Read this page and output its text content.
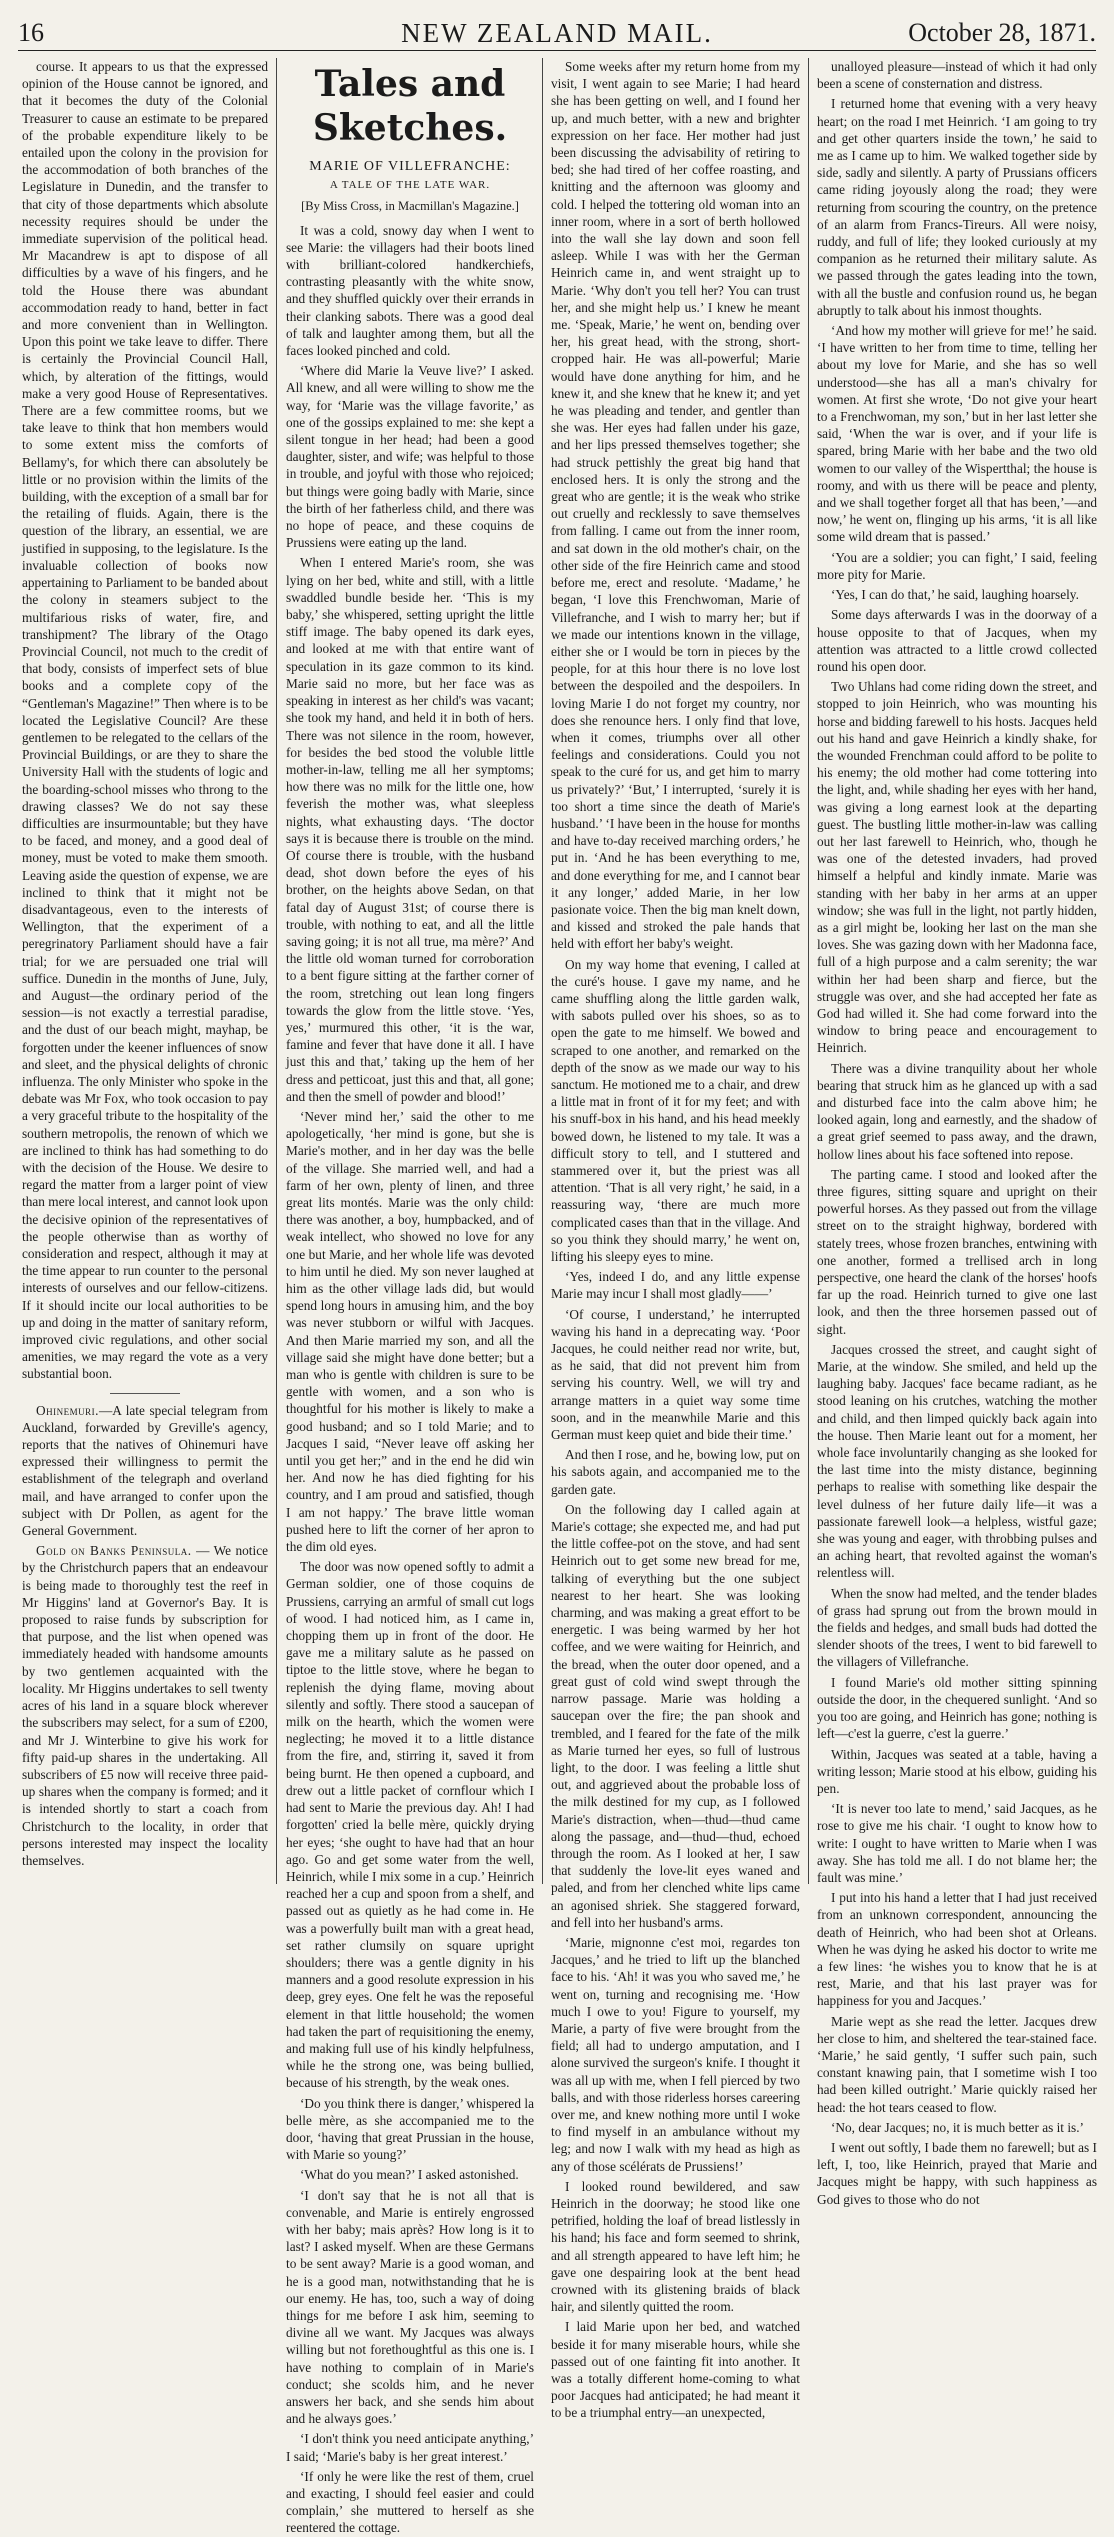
16	NEW ZEALAND MAIL.	October 28, 1871.

course. It appears to us that the expressed opinion of the House cannot be ignored, and that it becomes the duty of the Colonial Treasurer to cause an estimate to be prepared of the probable expenditure likely to be entailed upon the colony in the provision for the accommodation of both branches of the Legislature in Dunedin, and the transfer to that city of those departments which absolute necessity requires should be under the immediate supervision of the political head. Mr Macandrew is apt to dispose of all difficulties by a wave of his fingers, and he told the House there was abundant accommodation ready to hand, better in fact and more convenient than in Wellington. Upon this point we take leave to differ. There is certainly the Provincial Council Hall, which, by alteration of the fittings, would make a very good House of Representatives. There are a few committee rooms, but we take leave to think that hon members would to some extent miss the comforts of Bellamy's, for which there can absolutely be little or no provision within the limits of the building, with the exception of a small bar for the retailing of fluids. Again, there is the question of the library, an essential, we are justified in supposing, to the legislature. Is the invaluable collection of books now appertaining to Parliament to be banded about the colony in steamers subject to the multifarious risks of water, fire, and transhipment? The library of the Otago Provincial Council, not much to the credit of that body, consists of imperfect sets of blue books and a complete copy of the “Gentleman's Magazine!” Then where is to be located the Legislative Council? Are these gentlemen to be relegated to the cellars of the Provincial Buildings, or are they to share the University Hall with the students of logic and the boarding-school misses who throng to the drawing classes? We do not say these difficulties are insurmountable; but they have to be faced, and money, and a good deal of money, must be voted to make them smooth. Leaving aside the question of expense, we are inclined to think that it might not be disadvantageous, even to the interests of Wellington, that the experiment of a peregrinatory Parliament should have a fair trial; for we are persuaded one trial will suffice. Dunedin in the months of June, July, and August—the ordinary period of the session—is not exactly a terrestial paradise, and the dust of our beach might, mayhap, be forgotten under the keener influences of snow and sleet, and the physical delights of chronic influenza. The only Minister who spoke in the debate was Mr Fox, who took occasion to pay a very graceful tribute to the hospitality of the southern metropolis, the renown of which we are inclined to think has had something to do with the decision of the House. We desire to regard the matter from a larger point of view than mere local interest, and cannot look upon the decisive opinion of the representatives of the people otherwise than as worthy of consideration and respect, although it may at the time appear to run counter to the personal interests of ourselves and our fellow-citizens. If it should incite our local authorities to be up and doing in the matter of sanitary reform, improved civic regulations, and other social amenities, we may regard the vote as a very substantial boon.

Ohinemuri.—A late special telegram from Auckland, forwarded by Greville's agency, reports that the natives of Ohinemuri have expressed their willingness to permit the establishment of the telegraph and overland mail, and have arranged to confer upon the subject with Dr Pollen, as agent for the General Government.

Gold on Banks Peninsula. — We notice by the Christchurch papers that an endeavour is being made to thoroughly test the reef in Mr Higgins' land at Governor's Bay. It is proposed to raise funds by subscription for that purpose, and the list when opened was immediately headed with handsome amounts by two gentlemen acquainted with the locality. Mr Higgins undertakes to sell twenty acres of his land in a square block wherever the subscribers may select, for a sum of £200, and Mr J. Winterbine to give his work for fifty paid-up shares in the undertaking. All subscribers of £5 now will receive three paid-up shares when the company is formed; and it is intended shortly to start a coach from Christchurch to the locality, in order that persons interested may inspect the locality themselves.

Tales and Sketches.
MARIE OF VILLEFRANCHE:
A TALE OF THE LATE WAR.
[By Miss Cross, in Macmillan's Magazine.]

It was a cold, snowy day when I went to see Marie: the villagers had their boots lined with brilliant-colored handkerchiefs, contrasting pleasantly with the white snow, and they shuffled quickly over their errands in their clanking sabots. There was a good deal of talk and laughter among them, but all the faces looked pinched and cold.

‘Where did Marie la Veuve live?’ I asked. All knew, and all were willing to show me the way, for ‘Marie was the village favorite,’ as one of the gossips explained to me: she kept a silent tongue in her head; had been a good daughter, sister, and wife; was helpful to those in trouble, and joyful with those who rejoiced; but things were going badly with Marie, since the birth of her fatherless child, and there was no hope of peace, and these coquins de Prussiens were eating up the land.

When I entered Marie's room, she was lying on her bed, white and still, with a little swaddled bundle beside her. ‘This is my baby,’ she whispered, setting upright the little stiff image. The baby opened its dark eyes, and looked at me with that entire want of speculation in its gaze common to its kind. Marie said no more, but her face was as speaking in interest as her child's was vacant; she took my hand, and held it in both of hers. There was not silence in the room, however, for besides the bed stood the voluble little mother-in-law, telling me all her symptoms; how there was no milk for the little one, how feverish the mother was, what sleepless nights, what exhausting days. ‘The doctor says it is because there is trouble on the mind. Of course there is trouble, with the husband dead, shot down before the eyes of his brother, on the heights above Sedan, on that fatal day of August 31st; of course there is trouble, with nothing to eat, and all the little saving going; it is not all true, ma mère?’ And the little old woman turned for corroboration to a bent figure sitting at the farther corner of the room, stretching out lean long fingers towards the glow from the little stove. ‘Yes, yes,’ murmured this other, ‘it is the war, famine and fever that have done it all. I have just this and that,’ taking up the hem of her dress and petticoat, just this and that, all gone; and then the smell of powder and blood!’

‘Never mind her,’ said the other to me apologetically, ‘her mind is gone, but she is Marie's mother, and in her day was the belle of the village. She married well, and had a farm of her own, plenty of linen, and three great lits montés. Marie was the only child: there was another, a boy, humpbacked, and of weak intellect, who showed no love for any one but Marie, and her whole life was devoted to him until he died. My son never laughed at him as the other village lads did, but would spend long hours in amusing him, and the boy was never stubborn or wilful with Jacques. And then Marie married my son, and all the village said she might have done better; but a man who is gentle with children is sure to be gentle with women, and a son who is thoughtful for his mother is likely to make a good husband; and so I told Marie; and to Jacques I said, “Never leave off asking her until you get her;” and in the end he did win her. And now he has died fighting for his country, and I am proud and satisfied, though I am not happy.’ The brave little woman pushed here to lift the corner of her apron to the dim old eyes.

The door was now opened softly to admit a German soldier, one of those coquins de Prussiens, carrying an armful of small cut logs of wood. I had noticed him, as I came in, chopping them up in front of the door. He gave me a military salute as he passed on tiptoe to the little stove, where he began to replenish the dying flame, moving about silently and softly. There stood a saucepan of milk on the hearth, which the women were neglecting; he moved it to a little distance from the fire, and, stirring it, saved it from being burnt. He then opened a cupboard, and drew out a little packet of cornflour which I had sent to Marie the previous day. Ah! I had forgotten' cried la belle mère, quickly drying her eyes; ‘she ought to have had that an hour ago. Go and get some water from the well, Heinrich, while I mix some in a cup.’ Heinrich reached her a cup and spoon from a shelf, and passed out as quietly as he had come in. He was a powerfully built man with a great head, set rather clumsily on square upright shoulders; there was a gentle dignity in his manners and a good resolute expression in his deep, grey eyes. One felt he was the reposeful element in that little household; the women had taken the part of requisitioning the enemy, and making full use of his kindly helpfulness, while he the strong one, was being bullied, because of his strength, by the weak ones.

‘Do you think there is danger,’ whispered la belle mère, as she accompanied me to the door, ‘having that great Prussian in the house, with Marie so young?’

‘What do you mean?’ I asked astonished.

‘I don't say that he is not all that is convenable, and Marie is entirely engrossed with her baby; mais après? How long is it to last? I asked myself. When are these Germans to be sent away? Marie is a good woman, and he is a good man, notwithstanding that he is our enemy. He has, too, such a way of doing things for me before I ask him, seeming to divine all we want. My Jacques was always willing but not forethoughtful as this one is. I have nothing to complain of in Marie's conduct; she scolds him, and he never answers her back, and she sends him about and he always goes.’

‘I don't think you need anticipate anything,’ I said; ‘Marie's baby is her great interest.’

‘If only he were like the rest of them, cruel and exacting, I should feel easier and could complain,’ she muttered to herself as she reentered the cottage.

Some weeks after my return home from my visit, I went again to see Marie; I had heard she has been getting on well, and I found her up, and much better, with a new and brighter expression on her face. Her mother had just been discussing the advisability of retiring to bed; she had tired of her coffee roasting, and knitting and the afternoon was gloomy and cold. I helped the tottering old woman into an inner room, where in a sort of berth hollowed into the wall she lay down and soon fell asleep. While I was with her the German Heinrich came in, and went straight up to Marie. ‘Why don't you tell her? You can trust her, and she might help us.’ I knew he meant me. ‘Speak, Marie,’ he went on, bending over her, his great head, with the strong, short-cropped hair. He was all-powerful; Marie would have done anything for him, and he knew it, and she knew that he knew it; and yet he was pleading and tender, and gentler than she was. Her eyes had fallen under his gaze, and her lips pressed themselves together; she had struck pettishly the great big hand that enclosed hers. It is only the strong and the great who are gentle; it is the weak who strike out cruelly and recklessly to save themselves from falling. I came out from the inner room, and sat down in the old mother's chair, on the other side of the fire Heinrich came and stood before me, erect and resolute. ‘Madame,’ he began, ‘I love this Frenchwoman, Marie of Villefranche, and I wish to marry her; but if we made our intentions known in the village, either she or I would be torn in pieces by the people, for at this hour there is no love lost between the despoiled and the despoilers. In loving Marie I do not forget my country, nor does she renounce hers. I only find that love, when it comes, triumphs over all other feelings and considerations. Could you not speak to the curé for us, and get him to marry us privately?’ ‘But,’ I interrupted, ‘surely it is too short a time since the death of Marie's husband.’ ‘I have been in the house for months and have to-day received marching orders,’ he put in. ‘And he has been everything to me, and done everything for me, and I cannot bear it any longer,’ added Marie, in her low pasionate voice. Then the big man knelt down, and kissed and stroked the pale hands that held with effort her baby's weight.

On my way home that evening, I called at the curé's house. I gave my name, and he came shuffling along the little garden walk, with sabots pulled over his shoes, so as to open the gate to me himself. We bowed and scraped to one another, and remarked on the depth of the snow as we made our way to his sanctum. He motioned me to a chair, and drew a little mat in front of it for my feet; and with his snuff-box in his hand, and his head meekly bowed down, he listened to my tale. It was a difficult story to tell, and I stuttered and stammered over it, but the priest was all attention. ‘That is all very right,’ he said, in a reassuring way, ‘there are much more complicated cases than that in the village. And so you think they should marry,’ he went on, lifting his sleepy eyes to mine.

‘Yes, indeed I do, and any little expense Marie may incur I shall most gladly——’

‘Of course, I understand,’ he interrupted waving his hand in a deprecating way. ‘Poor Jacques, he could neither read nor write, but, as he said, that did not prevent him from serving his country. Well, we will try and arrange matters in a quiet way some time soon, and in the meanwhile Marie and this German must keep quiet and bide their time.’

And then I rose, and he, bowing low, put on his sabots again, and accompanied me to the garden gate.

On the following day I called again at Marie's cottage; she expected me, and had put the little coffee-pot on the stove, and had sent Heinrich out to get some new bread for me, talking of everything but the one subject nearest to her heart. She was looking charming, and was making a great effort to be energetic. I was being warmed by her hot coffee, and we were waiting for Heinrich, and the bread, when the outer door opened, and a great gust of cold wind swept through the narrow passage. Marie was holding a saucepan over the fire; the pan shook and trembled, and I feared for the fate of the milk as Marie turned her eyes, so full of lustrous light, to the door. I was feeling a little shut out, and aggrieved about the probable loss of the milk destined for my cup, as I followed Marie's distraction, when—thud—thud came along the passage, and—thud—thud, echoed through the room. As I looked at her, I saw that suddenly the love-lit eyes waned and paled, and from her clenched white lips came an agonised shriek. She staggered forward, and fell into her husband's arms.

‘Marie, mignonne c'est moi, regardes ton Jacques,’ and he tried to lift up the blanched face to his. ‘Ah! it was you who saved me,’ he went on, turning and recognising me. ‘How much I owe to you! Figure to yourself, my Marie, a party of five were brought from the field; all had to undergo amputation, and I alone survived the surgeon's knife. I thought it was all up with me, when I fell pierced by two balls, and with those riderless horses careering over me, and knew nothing more until I woke to find myself in an ambulance without my leg; and now I walk with my head as high as any of those scélérats de Prussiens!’

I looked round bewildered, and saw Heinrich in the doorway; he stood like one petrified, holding the loaf of bread listlessly in his hand; his face and form seemed to shrink, and all strength appeared to have left him; he gave one despairing look at the bent head crowned with its glistening braids of black hair, and silently quitted the room.

I laid Marie upon her bed, and watched beside it for many miserable hours, while she passed out of one fainting fit into another. It was a totally different home-coming to what poor Jacques had anticipated; he had meant it to be a triumphal entry—an unexpected,

unalloyed pleasure—instead of which it had only been a scene of consternation and distress.

I returned home that evening with a very heavy heart; on the road I met Heinrich. ‘I am going to try and get other quarters inside the town,’ he said to me as I came up to him. We walked together side by side, sadly and silently. A party of Prussians officers came riding joyously along the road; they were returning from scouring the country, on the pretence of an alarm from Francs-Tireurs. All were noisy, ruddy, and full of life; they looked curiously at my companion as he returned their military salute. As we passed through the gates leading into the town, with all the bustle and confusion round us, he began abruptly to talk about his inmost thoughts.

‘And how my mother will grieve for me!’ he said. ‘I have written to her from time to time, telling her about my love for Marie, and she has so well understood—she has all a man's chivalry for women. At first she wrote, ‘Do not give your heart to a Frenchwoman, my son,’ but in her last letter she said, ‘When the war is over, and if your life is spared, bring Marie with her babe and the two old women to our valley of the Wispertthal; the house is roomy, and with us there will be peace and plenty, and we shall together forget all that has been,’—and now,’ he went on, flinging up his arms, ‘it is all like some wild dream that is passed.’

‘You are a soldier; you can fight,’ I said, feeling more pity for Marie.

‘Yes, I can do that,’ he said, laughing hoarsely.

Some days afterwards I was in the doorway of a house opposite to that of Jacques, when my attention was attracted to a little crowd collected round his open door.

Two Uhlans had come riding down the street, and stopped to join Heinrich, who was mounting his horse and bidding farewell to his hosts. Jacques held out his hand and gave Heinrich a kindly shake, for the wounded Frenchman could afford to be polite to his enemy; the old mother had come tottering into the light, and, while shading her eyes with her hand, was giving a long earnest look at the departing guest. The bustling little mother-in-law was calling out her last farewell to Heinrich, who, though he was one of the detested invaders, had proved himself a helpful and kindly inmate. Marie was standing with her baby in her arms at an upper window; she was full in the light, not partly hidden, as a girl might be, looking her last on the man she loves. She was gazing down with her Madonna face, full of a high purpose and a calm serenity; the war within her had been sharp and fierce, but the struggle was over, and she had accepted her fate as God had willed it. She had come forward into the window to bring peace and encouragement to Heinrich.

There was a divine tranquility about her whole bearing that struck him as he glanced up with a sad and disturbed face into the calm above him; he looked again, long and earnestly, and the shadow of a great grief seemed to pass away, and the drawn, hollow lines about his face softened into repose.

The parting came. I stood and looked after the three figures, sitting square and upright on their powerful horses. As they passed out from the village street on to the straight highway, bordered with stately trees, whose frozen branches, entwining with one another, formed a trellised arch in long perspective, one heard the clank of the horses' hoofs far up the road. Heinrich turned to give one last look, and then the three horsemen passed out of sight.

Jacques crossed the street, and caught sight of Marie, at the window. She smiled, and held up the laughing baby. Jacques' face became radiant, as he stood leaning on his crutches, watching the mother and child, and then limped quickly back again into the house. Then Marie leant out for a moment, her whole face involuntarily changing as she looked for the last time into the misty distance, beginning perhaps to realise with something like despair the level dulness of her future daily life—it was a passionate farewell look—a helpless, wistful gaze; she was young and eager, with throbbing pulses and an aching heart, that revolted against the woman's relentless will.

When the snow had melted, and the tender blades of grass had sprung out from the brown mould in the fields and hedges, and small buds had dotted the slender shoots of the trees, I went to bid farewell to the villagers of Villefranche.

I found Marie's old mother sitting spinning outside the door, in the chequered sunlight. ‘And so you too are going, and Heinrich has gone; nothing is left—c'est la guerre, c'est la guerre.’

Within, Jacques was seated at a table, having a writing lesson; Marie stood at his elbow, guiding his pen.

‘It is never too late to mend,’ said Jacques, as he rose to give me his chair. ‘I ought to know how to write: I ought to have written to Marie when I was away. She has told me all. I do not blame her; the fault was mine.’

I put into his hand a letter that I had just received from an unknown correspondent, announcing the death of Heinrich, who had been shot at Orleans. When he was dying he asked his doctor to write me a few lines: ‘he wishes you to know that he is at rest, Marie, and that his last prayer was for happiness for you and Jacques.’

Marie wept as she read the letter. Jacques drew her close to him, and sheltered the tear-stained face. ‘Marie,’ he said gently, ‘I suffer such pain, such constant knawing pain, that I sometime wish I too had been killed outright.’ Marie quickly raised her head: the hot tears ceased to flow.

‘No, dear Jacques; no, it is much better as it is.’

I went out softly, I bade them no farewell; but as I left, I, too, like Heinrich, prayed that Marie and Jacques might be happy, with such happiness as God gives to those who do not
